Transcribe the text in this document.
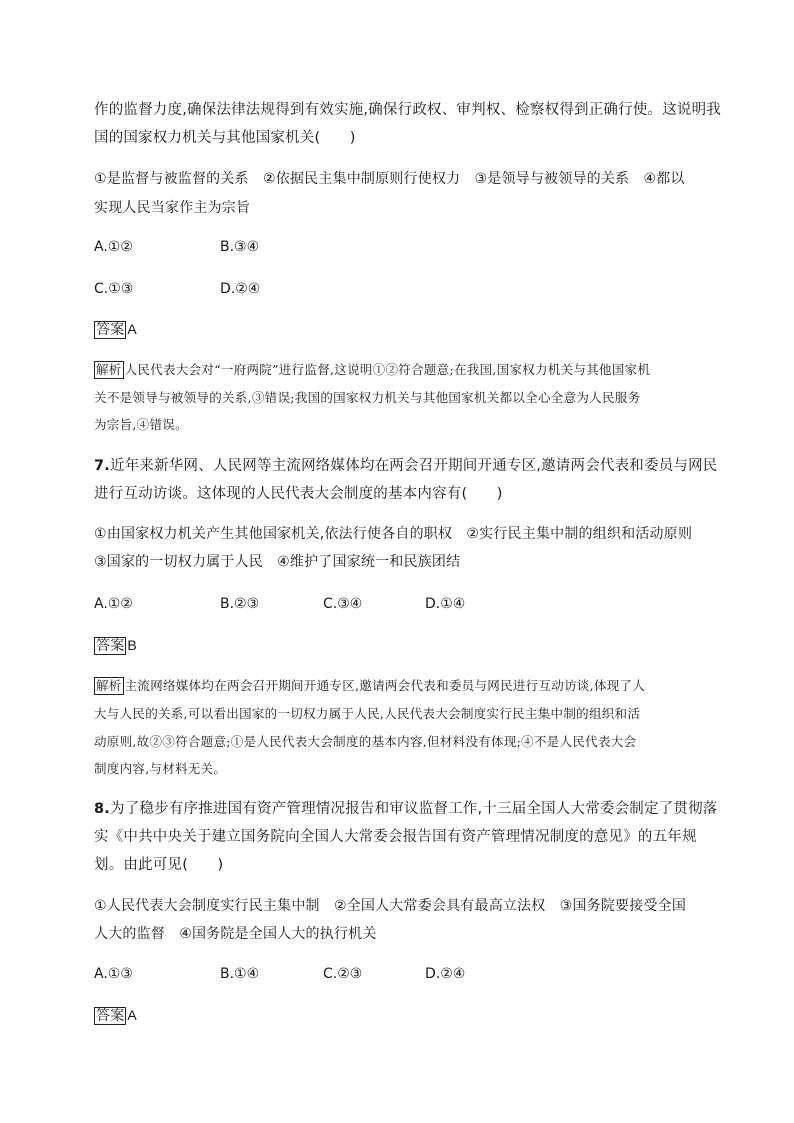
作的监督力度,确保法律法规得到有效实施,确保行政权、审判权、检察权得到正确行使。这说明我
国的国家权力机关与其他国家机关(　　)
①是监督与被监督的关系　②依据民主集中制原则行使权力　③是领导与被领导的关系　④都以
实现人民当家作主为宗旨
A.①②	B.③④
C.①③	D.②④
答案 A
解析 人民代表大会对“一府两院”进行监督,这说明①②符合题意;在我国,国家权力机关与其他国家机
关不是领导与被领导的关系,③错误;我国的国家权力机关与其他国家机关都以全心全意为人民服务
为宗旨,④错误。
7.近年来新华网、人民网等主流网络媒体均在两会召开期间开通专区,邀请两会代表和委员与网民
进行互动访谈。这体现的人民代表大会制度的基本内容有(　　)
①由国家权力机关产生其他国家机关,依法行使各自的职权　②实行民主集中制的组织和活动原则
③国家的一切权力属于人民　④维护了国家统一和民族团结
A.①②	B.②③	C.③④	D.①④
答案 B
解析 主流网络媒体均在两会召开期间开通专区,邀请两会代表和委员与网民进行互动访谈,体现了人
大与人民的关系,可以看出国家的一切权力属于人民,人民代表大会制度实行民主集中制的组织和活
动原则,故②③符合题意;①是人民代表大会制度的基本内容,但材料没有体现;④不是人民代表大会
制度内容,与材料无关。
8.为了稳步有序推进国有资产管理情况报告和审议监督工作,十三届全国人大常委会制定了贯彻落
实《中共中央关于建立国务院向全国人大常委会报告国有资产管理情况制度的意见》的五年规
划。由此可见(　　)
①人民代表大会制度实行民主集中制　②全国人大常委会具有最高立法权　③国务院要接受全国
人大的监督　④国务院是全国人大的执行机关
A.①③	B.①④	C.②③	D.②④
答案 A
